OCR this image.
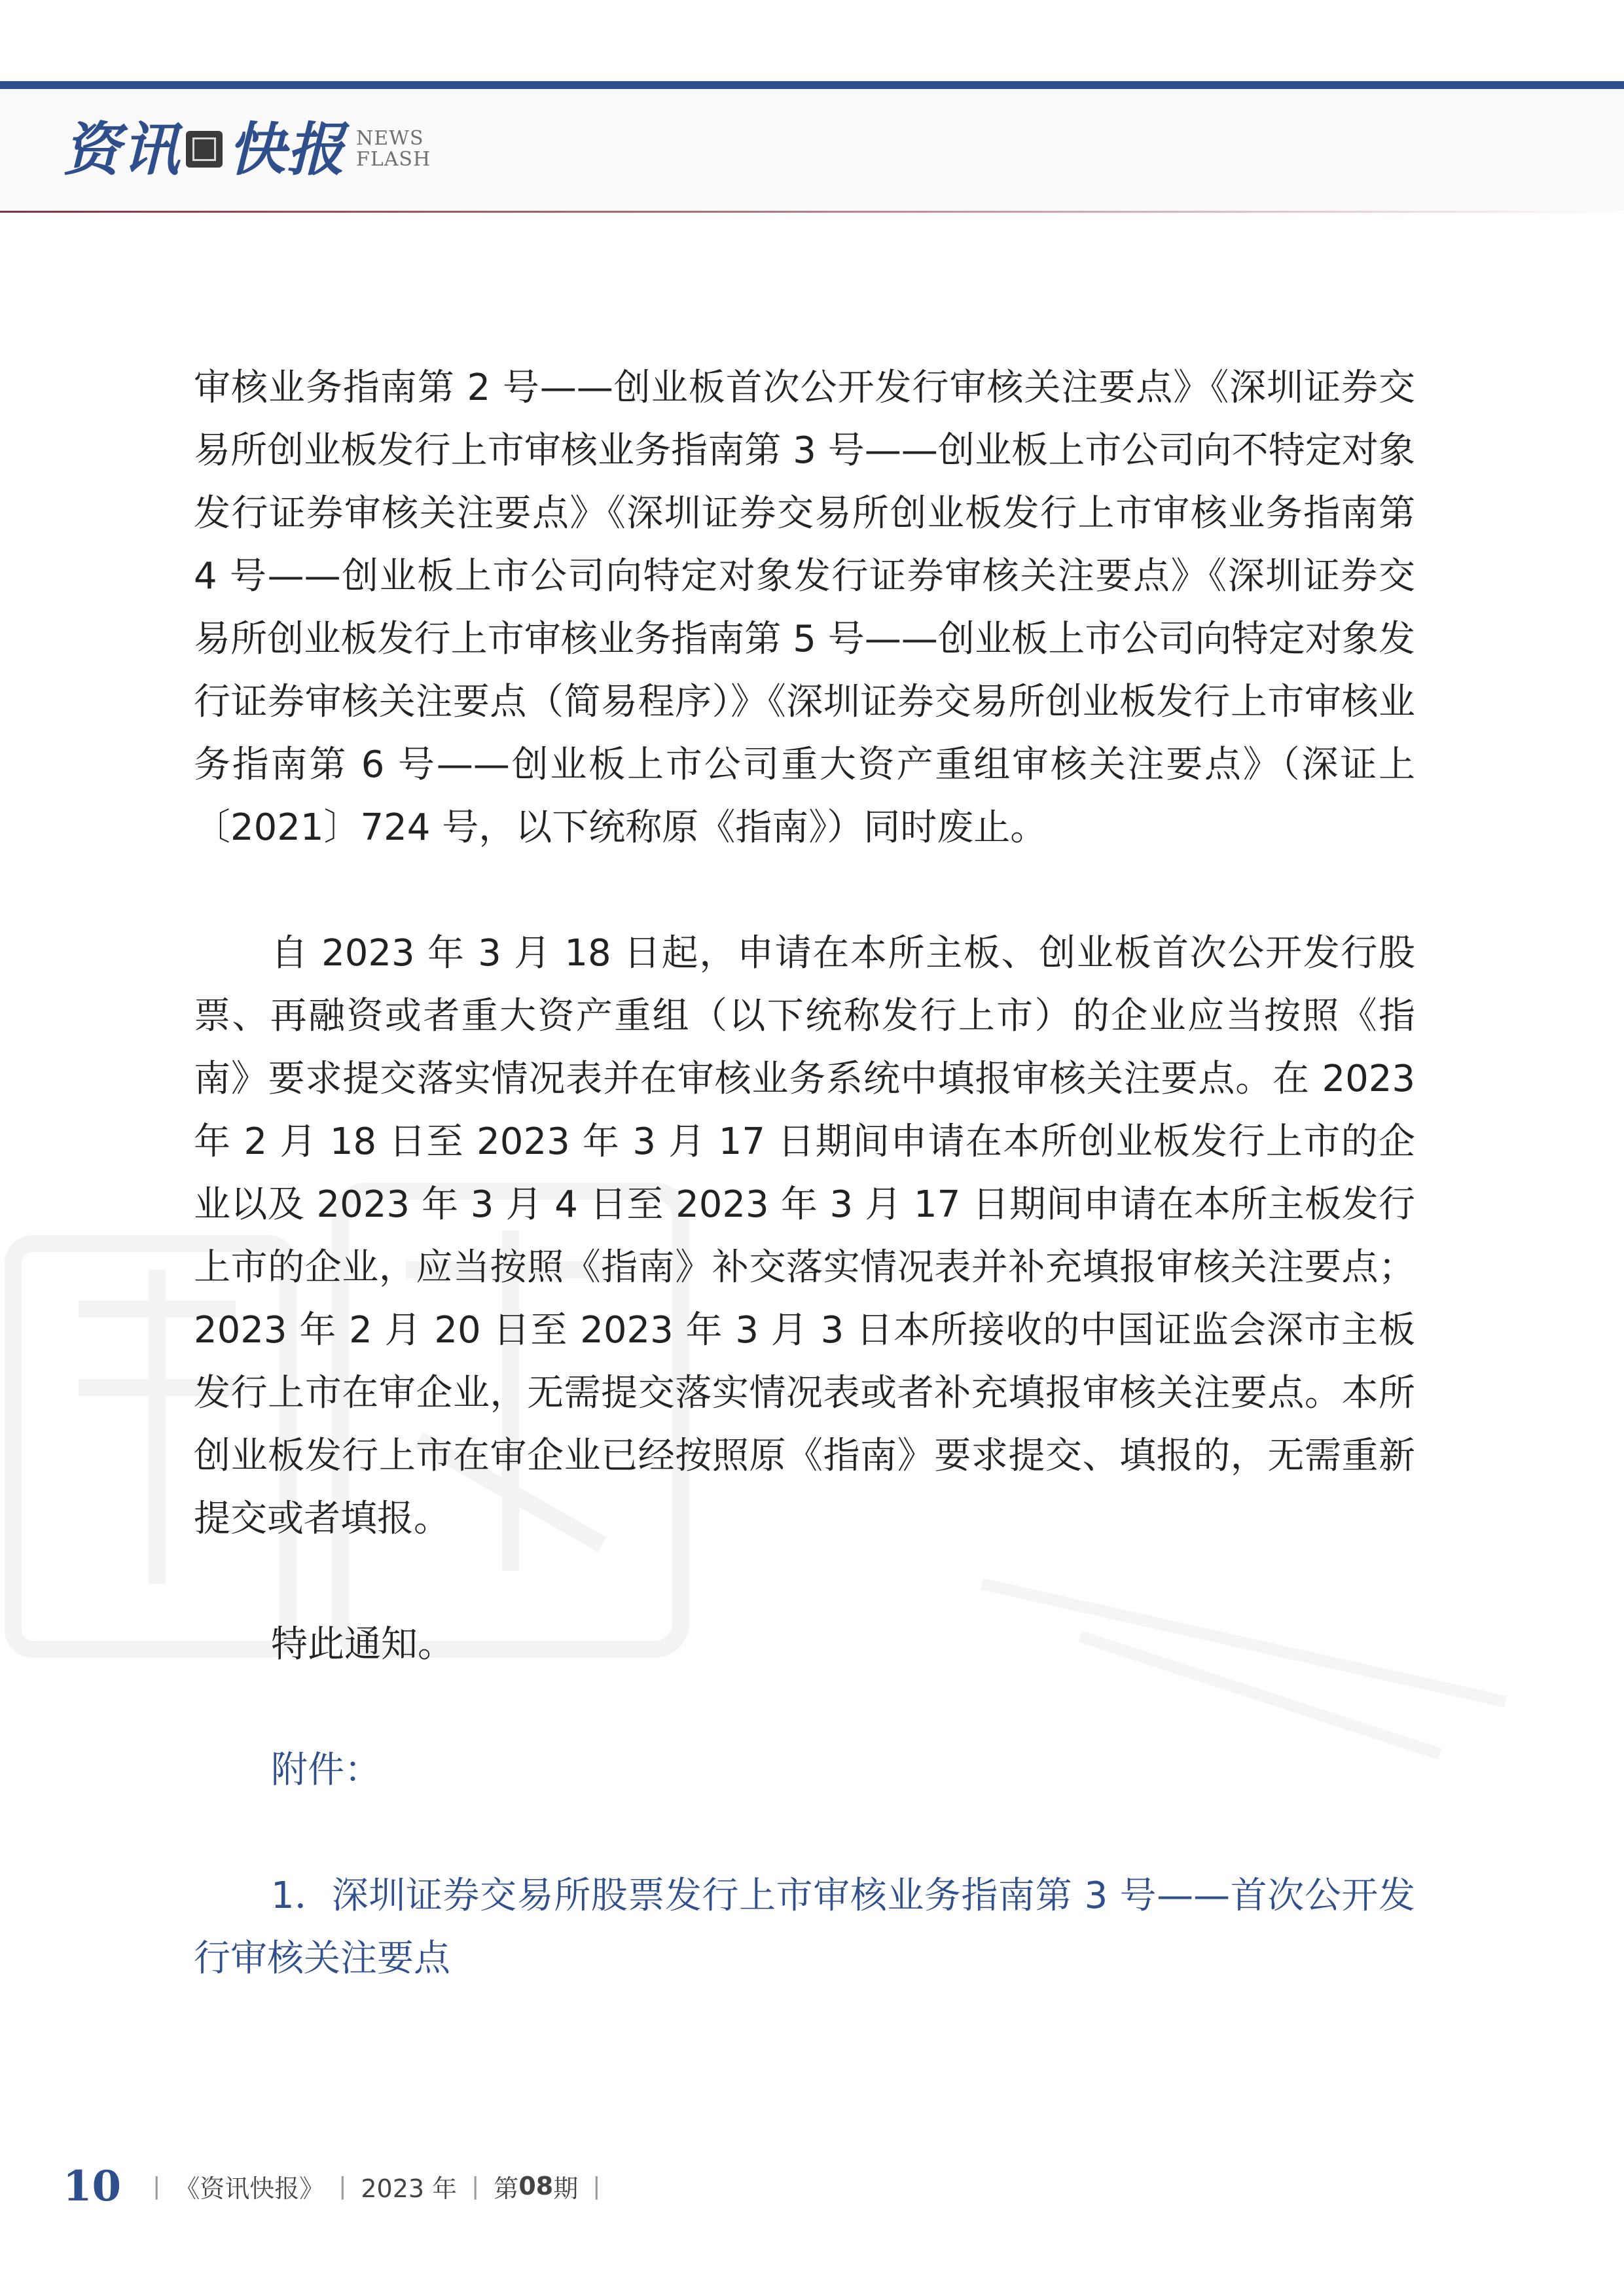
资讯 快报 NEWS
FLASH

审核业务指南第 2 号——创业板首次公开发行审核关注要点》《深圳证券交易所创业板发行上市审核业务指南第 3 号——创业板上市公司向不特定对象发行证券审核关注要点》《深圳证券交易所创业板发行上市审核业务指南第 4 号——创业板上市公司向特定对象发行证券审核关注要点》《深圳证券交易所创业板发行上市审核业务指南第 5 号——创业板上市公司向特定对象发行证券审核关注要点（简易程序）》《深圳证券交易所创业板发行上市审核业务指南第 6 号——创业板上市公司重大资产重组审核关注要点》（深证上〔2021〕724 号，以下统称原《指南》）同时废止。

自 2023 年 3 月 18 日起，申请在本所主板、创业板首次公开发行股票、再融资或者重大资产重组（以下统称发行上市）的企业应当按照《指南》要求提交落实情况表并在审核业务系统中填报审核关注要点。在 2023 年 2 月 18 日至 2023 年 3 月 17 日期间申请在本所创业板发行上市的企业以及 2023 年 3 月 4 日至 2023 年 3 月 17 日期间申请在本所主板发行上市的企业，应当按照《指南》补交落实情况表并补充填报审核关注要点；2023 年 2 月 20 日至 2023 年 3 月 3 日本所接收的中国证监会深市主板发行上市在审企业，无需提交落实情况表或者补充填报审核关注要点。本所创业板发行上市在审企业已经按照原《指南》要求提交、填报的，无需重新提交或者填报。

特此通知。

附件：

1．深圳证券交易所股票发行上市审核业务指南第 3 号——首次公开发行审核关注要点

10 | 《资讯快报》 | 2023 年 | 第 08 期 |
